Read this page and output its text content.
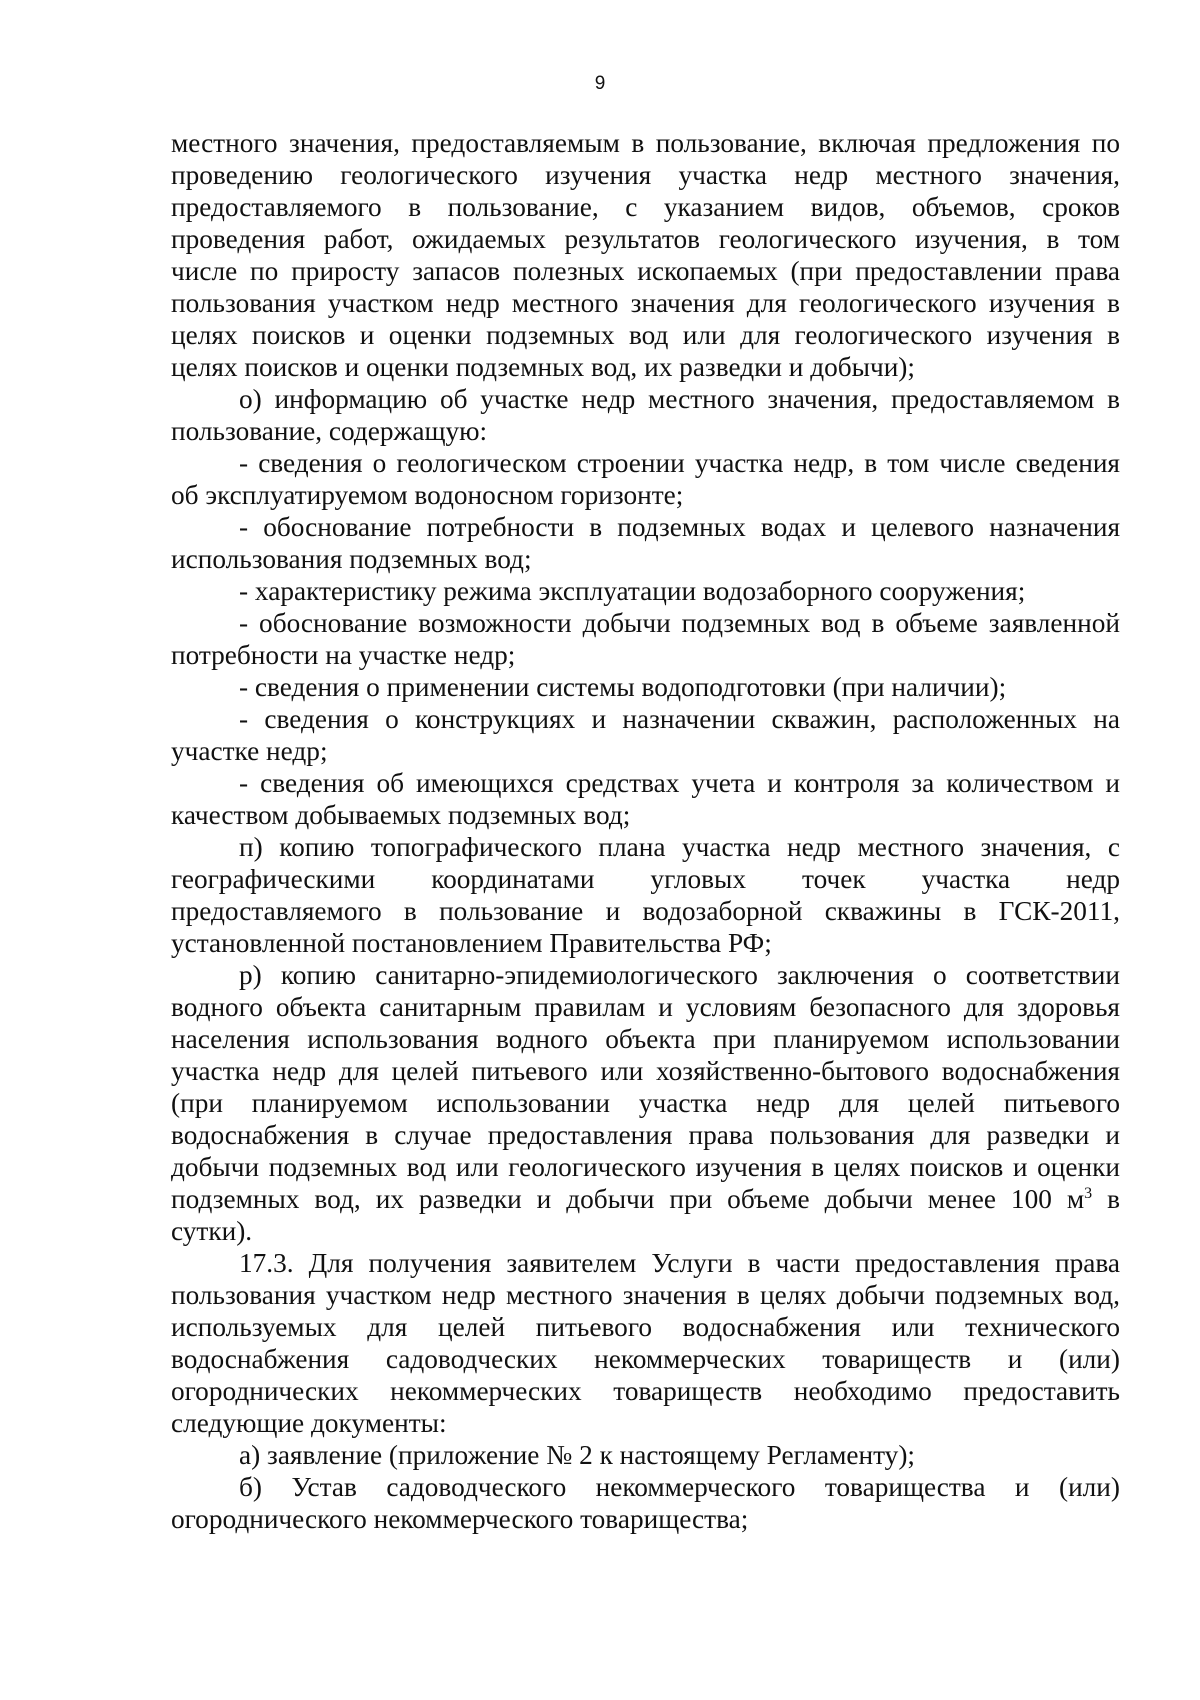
9
местного значения, предоставляемым в пользование, включая предложения по
проведению геологического изучения участка недр местного значения,
предоставляемого в пользование, с указанием видов, объемов, сроков
проведения работ, ожидаемых результатов геологического изучения, в том
числе по приросту запасов полезных ископаемых (при предоставлении права
пользования участком недр местного значения для геологического изучения в
целях поисков и оценки подземных вод или для геологического изучения в
целях поисков и оценки подземных вод, их разведки и добычи);
о) информацию об участке недр местного значения, предоставляемом в
пользование, содержащую:
- сведения о геологическом строении участка недр, в том числе сведения
об эксплуатируемом водоносном горизонте;
- обоснование потребности в подземных водах и целевого назначения
использования подземных вод;
- характеристику режима эксплуатации водозаборного сооружения;
- обоснование возможности добычи подземных вод в объеме заявленной
потребности на участке недр;
- сведения о применении системы водоподготовки (при наличии);
- сведения о конструкциях и назначении скважин, расположенных на
участке недр;
- сведения об имеющихся средствах учета и контроля за количеством и
качеством добываемых подземных вод;
п) копию топографического плана участка недр местного значения, с
географическими координатами угловых точек участка недр
предоставляемого в пользование и водозаборной скважины в ГСК-2011,
установленной постановлением Правительства РФ;
р) копию санитарно-эпидемиологического заключения о соответствии
водного объекта санитарным правилам и условиям безопасного для здоровья
населения использования водного объекта при планируемом использовании
участка недр для целей питьевого или хозяйственно-бытового водоснабжения
(при планируемом использовании участка недр для целей питьевого
водоснабжения в случае предоставления права пользования для разведки и
добычи подземных вод или геологического изучения в целях поисков и оценки
подземных вод, их разведки и добычи при объеме добычи менее 100 $м^3$ в
сутки).
17.3. Для получения заявителем Услуги в части предоставления права
пользования участком недр местного значения в целях добычи подземных вод,
используемых для целей питьевого водоснабжения или технического
водоснабжения садоводческих некоммерческих товариществ и (или)
огороднических некоммерческих товариществ необходимо предоставить
следующие документы:
а) заявление (приложение № 2 к настоящему Регламенту);
б) Устав садоводческого некоммерческого товарищества и (или)
огороднического некоммерческого товарищества;
